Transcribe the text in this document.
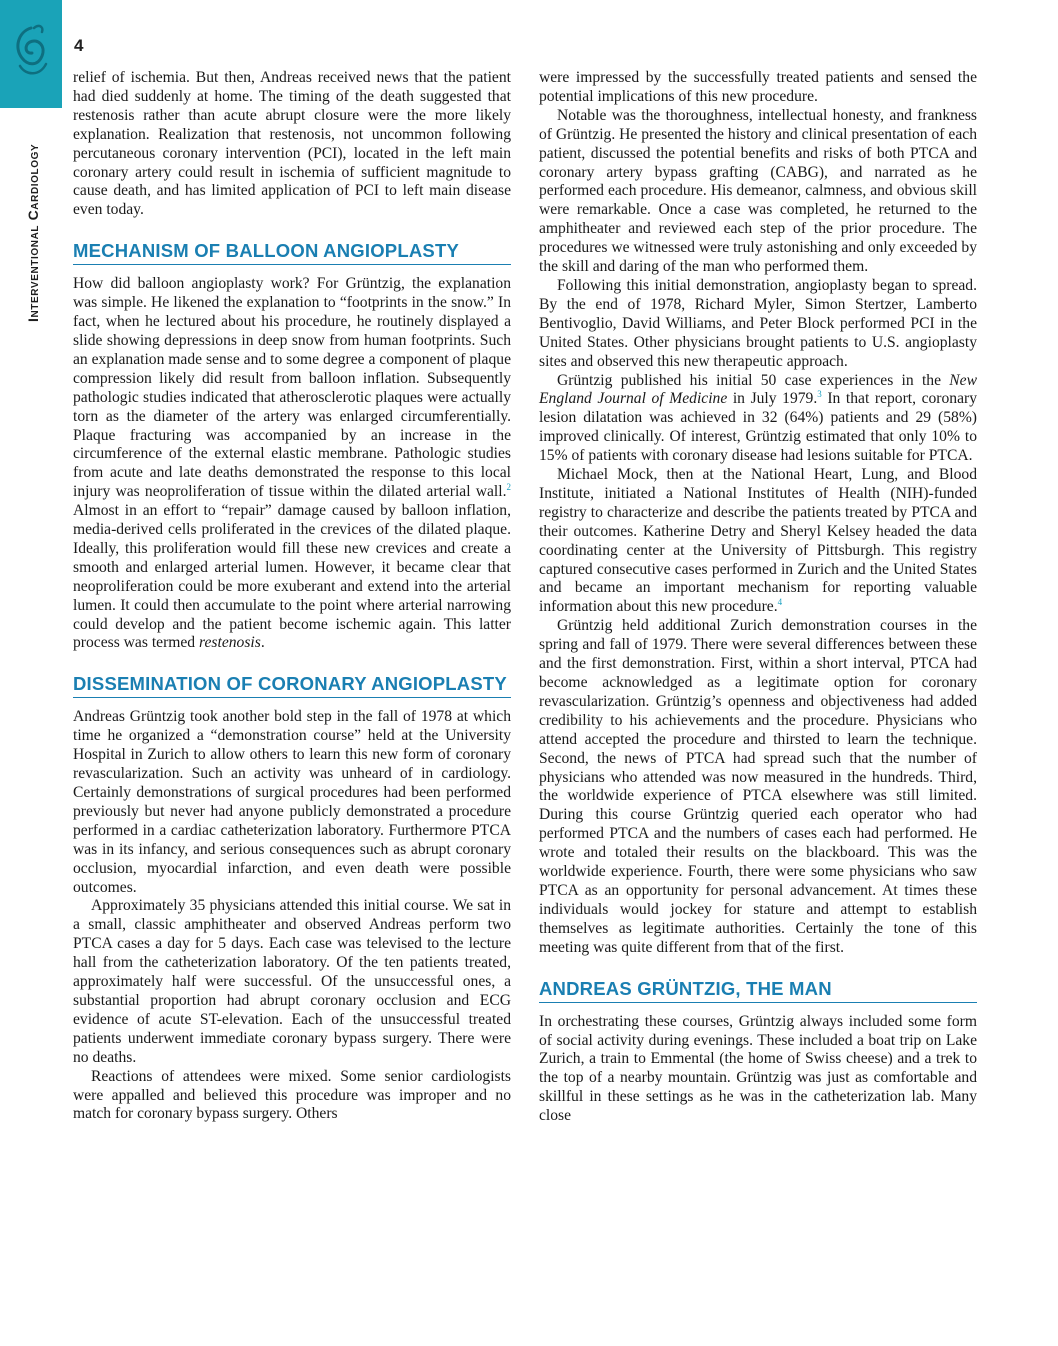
4
Interventional Cardiology

relief of ischemia. But then, Andreas received news that the patient had died suddenly at home. The timing of the death suggested that restenosis rather than acute abrupt closure were the more likely explanation. Realization that restenosis, not uncommon following percutaneous coronary intervention (PCI), located in the left main coronary artery could result in ischemia of sufficient magnitude to cause death, and has limited application of PCI to left main disease even today.

MECHANISM OF BALLOON ANGIOPLASTY

How did balloon angioplasty work? For Grüntzig, the explanation was simple. He likened the explanation to “footprints in the snow.” In fact, when he lectured about his procedure, he routinely displayed a slide showing depressions in deep snow from human footprints. Such an explanation made sense and to some degree a component of plaque compression likely did result from balloon inflation. Subsequently pathologic studies indicated that atherosclerotic plaques were actually torn as the diameter of the artery was enlarged circumferentially. Plaque fracturing was accompanied by an increase in the circumference of the external elastic membrane. Pathologic studies from acute and late deaths demonstrated the response to this local injury was neoproliferation of tissue within the dilated arterial wall.$^2$ Almost in an effort to “repair” damage caused by balloon inflation, media-derived cells proliferated in the crevices of the dilated plaque. Ideally, this proliferation would fill these new crevices and create a smooth and enlarged arterial lumen. However, it became clear that neoproliferation could be more exuberant and extend into the arterial lumen. It could then accumulate to the point where arterial narrowing could develop and the patient become ischemic again. This latter process was termed restenosis.

DISSEMINATION OF CORONARY ANGIOPLASTY

Andreas Grüntzig took another bold step in the fall of 1978 at which time he organized a “demonstration course” held at the University Hospital in Zurich to allow others to learn this new form of coronary revascularization. Such an activity was unheard of in cardiology. Certainly demonstrations of surgical procedures had been performed previously but never had anyone publicly demonstrated a procedure performed in a cardiac catheterization laboratory. Furthermore PTCA was in its infancy, and serious consequences such as abrupt coronary occlusion, myocardial infarction, and even death were possible outcomes.

Approximately 35 physicians attended this initial course. We sat in a small, classic amphitheater and observed Andreas perform two PTCA cases a day for 5 days. Each case was televised to the lecture hall from the catheterization laboratory. Of the ten patients treated, approximately half were successful. Of the unsuccessful ones, a substantial proportion had abrupt coronary occlusion and ECG evidence of acute ST-elevation. Each of the unsuccessful treated patients underwent immediate coronary bypass surgery. There were no deaths.

Reactions of attendees were mixed. Some senior cardiologists were appalled and believed this procedure was improper and no match for coronary bypass surgery. Others

were impressed by the successfully treated patients and sensed the potential implications of this new procedure.

Notable was the thoroughness, intellectual honesty, and frankness of Grüntzig. He presented the history and clinical presentation of each patient, discussed the potential benefits and risks of both PTCA and coronary artery bypass grafting (CABG), and narrated as he performed each procedure. His demeanor, calmness, and obvious skill were remarkable. Once a case was completed, he returned to the amphitheater and reviewed each step of the prior procedure. The procedures we witnessed were truly astonishing and only exceeded by the skill and daring of the man who performed them.

Following this initial demonstration, angioplasty began to spread. By the end of 1978, Richard Myler, Simon Stertzer, Lamberto Bentivoglio, David Williams, and Peter Block performed PCI in the United States. Other physicians brought patients to U.S. angioplasty sites and observed this new therapeutic approach.

Grüntzig published his initial 50 case experiences in the New England Journal of Medicine in July 1979.$^3$ In that report, coronary lesion dilatation was achieved in 32 (64%) patients and 29 (58%) improved clinically. Of interest, Grüntzig estimated that only 10% to 15% of patients with coronary disease had lesions suitable for PTCA.

Michael Mock, then at the National Heart, Lung, and Blood Institute, initiated a National Institutes of Health (NIH)-funded registry to characterize and describe the patients treated by PTCA and their outcomes. Katherine Detry and Sheryl Kelsey headed the data coordinating center at the University of Pittsburgh. This registry captured consecutive cases performed in Zurich and the United States and became an important mechanism for reporting valuable information about this new procedure.$^4$

Grüntzig held additional Zurich demonstration courses in the spring and fall of 1979. There were several differences between these and the first demonstration. First, within a short interval, PTCA had become acknowledged as a legitimate option for coronary revascularization. Grüntzig’s openness and objectiveness had added credibility to his achievements and the procedure. Physicians who attend accepted the procedure and thirsted to learn the technique. Second, the news of PTCA had spread such that the number of physicians who attended was now measured in the hundreds. Third, the worldwide experience of PTCA elsewhere was still limited. During this course Grüntzig queried each operator who had performed PTCA and the numbers of cases each had performed. He wrote and totaled their results on the blackboard. This was the worldwide experience. Fourth, there were some physicians who saw PTCA as an opportunity for personal advancement. At times these individuals would jockey for stature and attempt to establish themselves as legitimate authorities. Certainly the tone of this meeting was quite different from that of the first.

ANDREAS GRÜNTZIG, THE MAN

In orchestrating these courses, Grüntzig always included some form of social activity during evenings. These included a boat trip on Lake Zurich, a train to Emmental (the home of Swiss cheese) and a trek to the top of a nearby mountain. Grüntzig was just as comfortable and skillful in these settings as he was in the catheterization lab. Many close
